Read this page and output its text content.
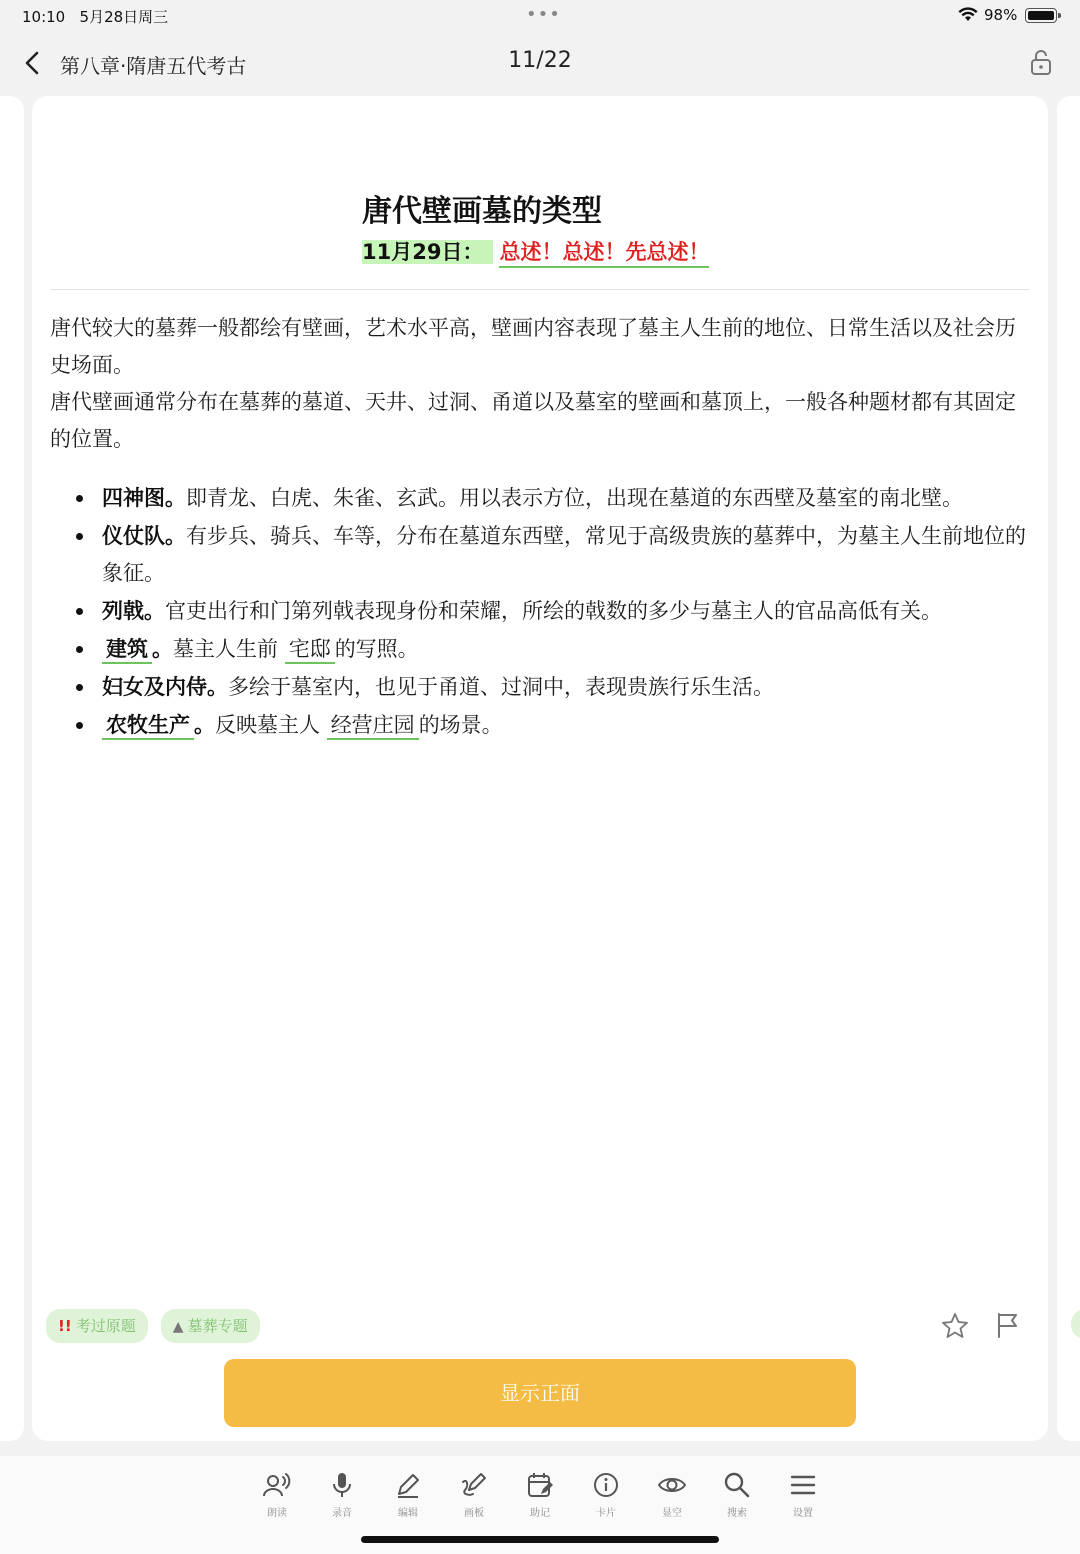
10:10 5月28日周三	•••	98%
第八章·隋唐五代考古	11/22
唐代壁画墓的类型
11月29日： 总述！总述！先总述！

唐代较大的墓葬一般都绘有壁画，艺术水平高，壁画内容表现了墓主人生前的地位、日常生活以及社会历史场面。

唐代壁画通常分布在墓葬的墓道、天井、过洞、甬道以及墓室的壁画和墓顶上，一般各种题材都有其固定的位置。

四神图。即青龙、白虎、朱雀、玄武。用以表示方位，出现在墓道的东西壁及墓室的南北壁。
仪仗队。有步兵、骑兵、车等，分布在墓道东西壁，常见于高级贵族的墓葬中，为墓主人生前地位的象征。
列戟。官吏出行和门第列戟表现身份和荣耀，所绘的戟数的多少与墓主人的官品高低有关。
建筑 。墓主人生前 宅邸 的写照。
妇女及内侍。多绘于墓室内，也见于甬道、过洞中，表现贵族行乐生活。
农牧生产 。反映墓主人 经营庄园 的场景。
!! 考过原题	▲ 墓葬专题
显示正面
朗读	录音	编辑	画板	助记	卡片	显空	搜索	设置
